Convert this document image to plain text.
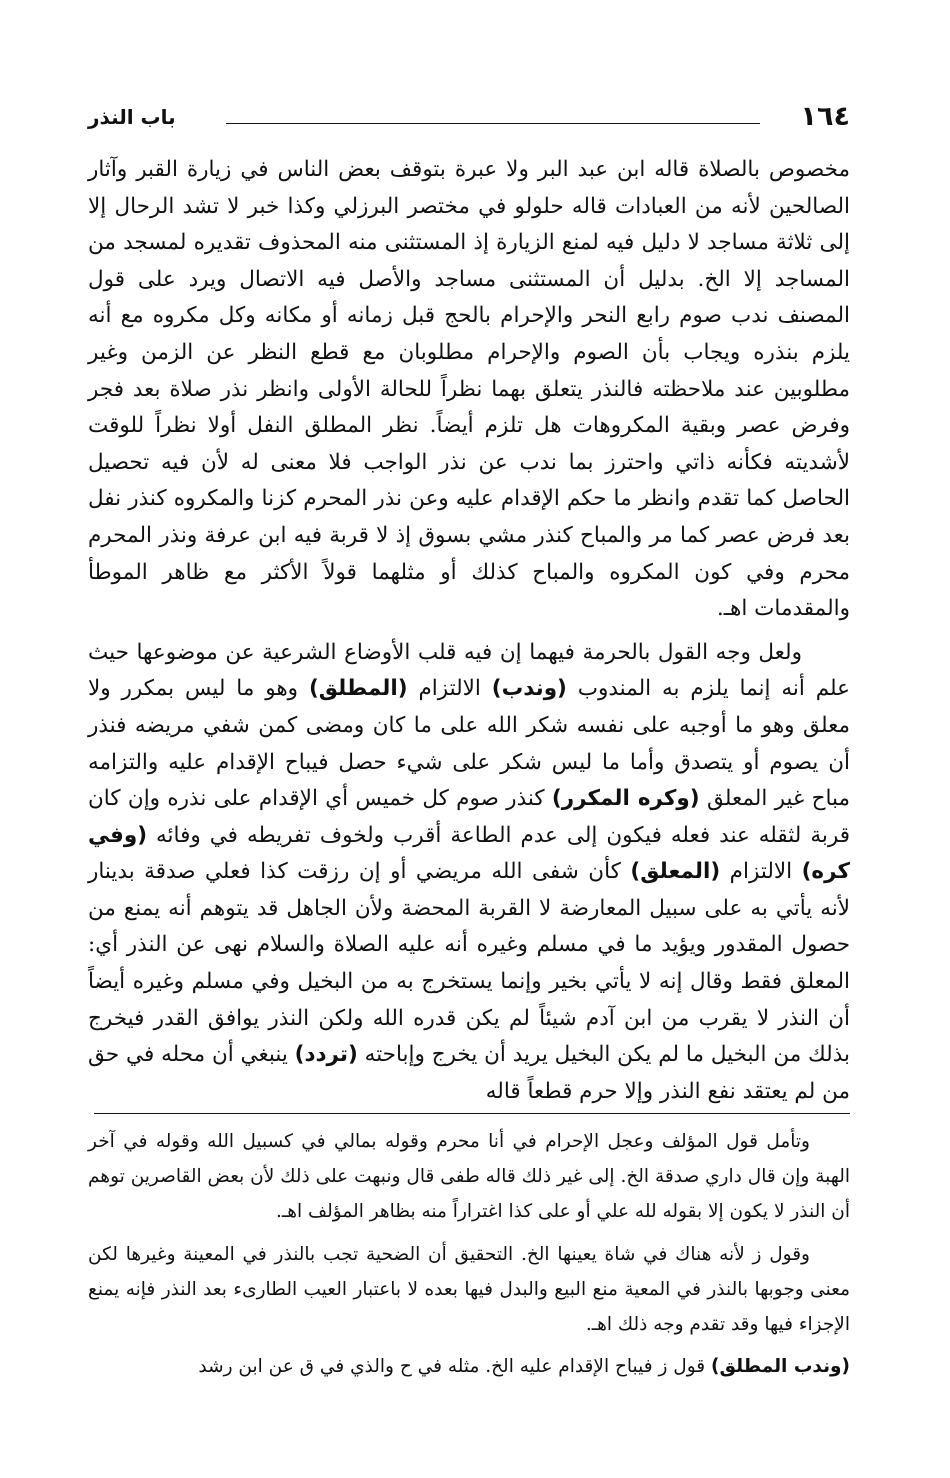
١٦٤
باب النذر

مخصوص بالصلاة قاله ابن عبد البر ولا عبرة بتوقف بعض الناس في زيارة القبر وآثار الصالحين لأنه من العبادات قاله حلولو في مختصر البرزلي وكذا خبر لا تشد الرحال إلا إلى ثلاثة مساجد لا دليل فيه لمنع الزيارة إذ المستثنى منه المحذوف تقديره لمسجد من المساجد إلا الخ. بدليل أن المستثنى مساجد والأصل فيه الاتصال ويرد على قول المصنف ندب صوم رابع النحر والإحرام بالحج قبل زمانه أو مكانه وكل مكروه مع أنه يلزم بنذره ويجاب بأن الصوم والإحرام مطلوبان مع قطع النظر عن الزمن وغير مطلوبين عند ملاحظته فالنذر يتعلق بهما نظراً للحالة الأولى وانظر نذر صلاة بعد فجر وفرض عصر وبقية المكروهات هل تلزم أيضاً. نظر المطلق النفل أولا نظراً للوقت لأشديته فكأنه ذاتي واحترز بما ندب عن نذر الواجب فلا معنى له لأن فيه تحصيل الحاصل كما تقدم وانظر ما حكم الإقدام عليه وعن نذر المحرم كزنا والمكروه كنذر نفل بعد فرض عصر كما مر والمباح كنذر مشي بسوق إذ لا قربة فيه ابن عرفة ونذر المحرم محرم وفي كون المكروه والمباح كذلك أو مثلهما قولاً الأكثر مع ظاهر الموطأ والمقدمات اهـ.

ولعل وجه القول بالحرمة فيهما إن فيه قلب الأوضاع الشرعية عن موضوعها حيث علم أنه إنما يلزم به المندوب (وندب) الالتزام (المطلق) وهو ما ليس بمكرر ولا معلق وهو ما أوجبه على نفسه شكر الله على ما كان ومضى كمن شفي مريضه فنذر أن يصوم أو يتصدق وأما ما ليس شكر على شيء حصل فيباح الإقدام عليه والتزامه مباح غير المعلق (وكره المكرر) كنذر صوم كل خميس أي الإقدام على نذره وإن كان قربة لثقله عند فعله فيكون إلى عدم الطاعة أقرب ولخوف تفريطه في وفائه (وفي كره) الالتزام (المعلق) كأن شفى الله مريضي أو إن رزقت كذا فعلي صدقة بدينار لأنه يأتي به على سبيل المعارضة لا القربة المحضة ولأن الجاهل قد يتوهم أنه يمنع من حصول المقدور ويؤيد ما في مسلم وغيره أنه عليه الصلاة والسلام نهى عن النذر أي: المعلق فقط وقال إنه لا يأتي بخير وإنما يستخرج به من البخيل وفي مسلم وغيره أيضاً أن النذر لا يقرب من ابن آدم شيئاً لم يكن قدره الله ولكن النذر يوافق القدر فيخرج بذلك من البخيل ما لم يكن البخيل يريد أن يخرج وإباحته (تردد) ينبغي أن محله في حق من لم يعتقد نفع النذر وإلا حرم قطعاً قاله

وتأمل قول المؤلف وعجل الإحرام في أنا محرم وقوله بمالي في كسبيل الله وقوله في آخر الهبة وإن قال داري صدقة الخ. إلى غير ذلك قاله طفى قال ونبهت على ذلك لأن بعض القاصرين توهم أن النذر لا يكون إلا بقوله لله علي أو على كذا اغتراراً منه بظاهر المؤلف اهـ.

وقول ز لأنه هناك في شاة يعينها الخ. التحقيق أن الضحية تجب بالنذر في المعينة وغيرها لكن معنى وجوبها بالنذر في المعية منع البيع والبدل فيها بعده لا باعتبار العيب الطارىء بعد النذر فإنه يمنع الإجزاء فيها وقد تقدم وجه ذلك اهـ.

(وندب المطلق) قول ز فيباح الإقدام عليه الخ. مثله في ح والذي في ق عن ابن رشد
